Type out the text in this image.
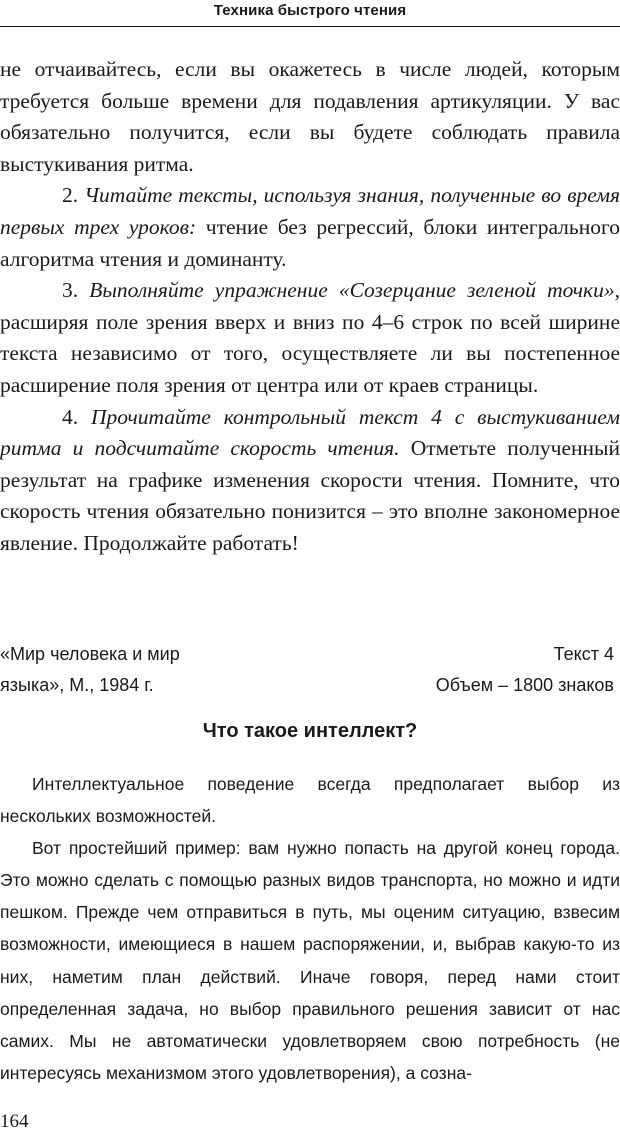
Техника быстрого чтения

не отчаивайтесь, если вы окажетесь в числе людей, которым требуется больше времени для подавления артикуляции. У вас обязательно получится, если вы будете соблюдать правила выстукивания ритма.

2. Читайте тексты, используя знания, полученные во время первых трех уроков: чтение без регрессий, блоки интегрального алгоритма чтения и доминанту.

3. Выполняйте упражнение «Созерцание зеленой точки», расширяя поле зрения вверх и вниз по 4–6 строк по всей ширине текста независимо от того, осуществляете ли вы постепенное расширение поля зрения от центра или от краев страницы.

4. Прочитайте контрольный текст 4 с выстукиванием ритма и подсчитайте скорость чтения. Отметьте полученный результат на графике изменения скорости чтения. Помните, что скорость чтения обязательно понизится – это вполне закономерное явление. Продолжайте работать!

«Мир человека и мир
языка», М., 1984 г.
Текст 4
Объем – 1800 знаков
Что такое интеллект?

Интеллектуальное поведение всегда предполагает выбор из нескольких возможностей.

Вот простейший пример: вам нужно попасть на другой конец города. Это можно сделать с помощью разных видов транспорта, но можно и идти пешком. Прежде чем отправиться в путь, мы оценим ситуацию, взвесим возможности, имеющиеся в нашем распоряжении, и, выбрав какую-то из них, наметим план действий. Иначе говоря, перед нами стоит определенная задача, но выбор правильного решения зависит от нас самих. Мы не автоматически удовлетворяем свою потребность (не интересуясь механизмом этого удовлетворения), а созна-

164
